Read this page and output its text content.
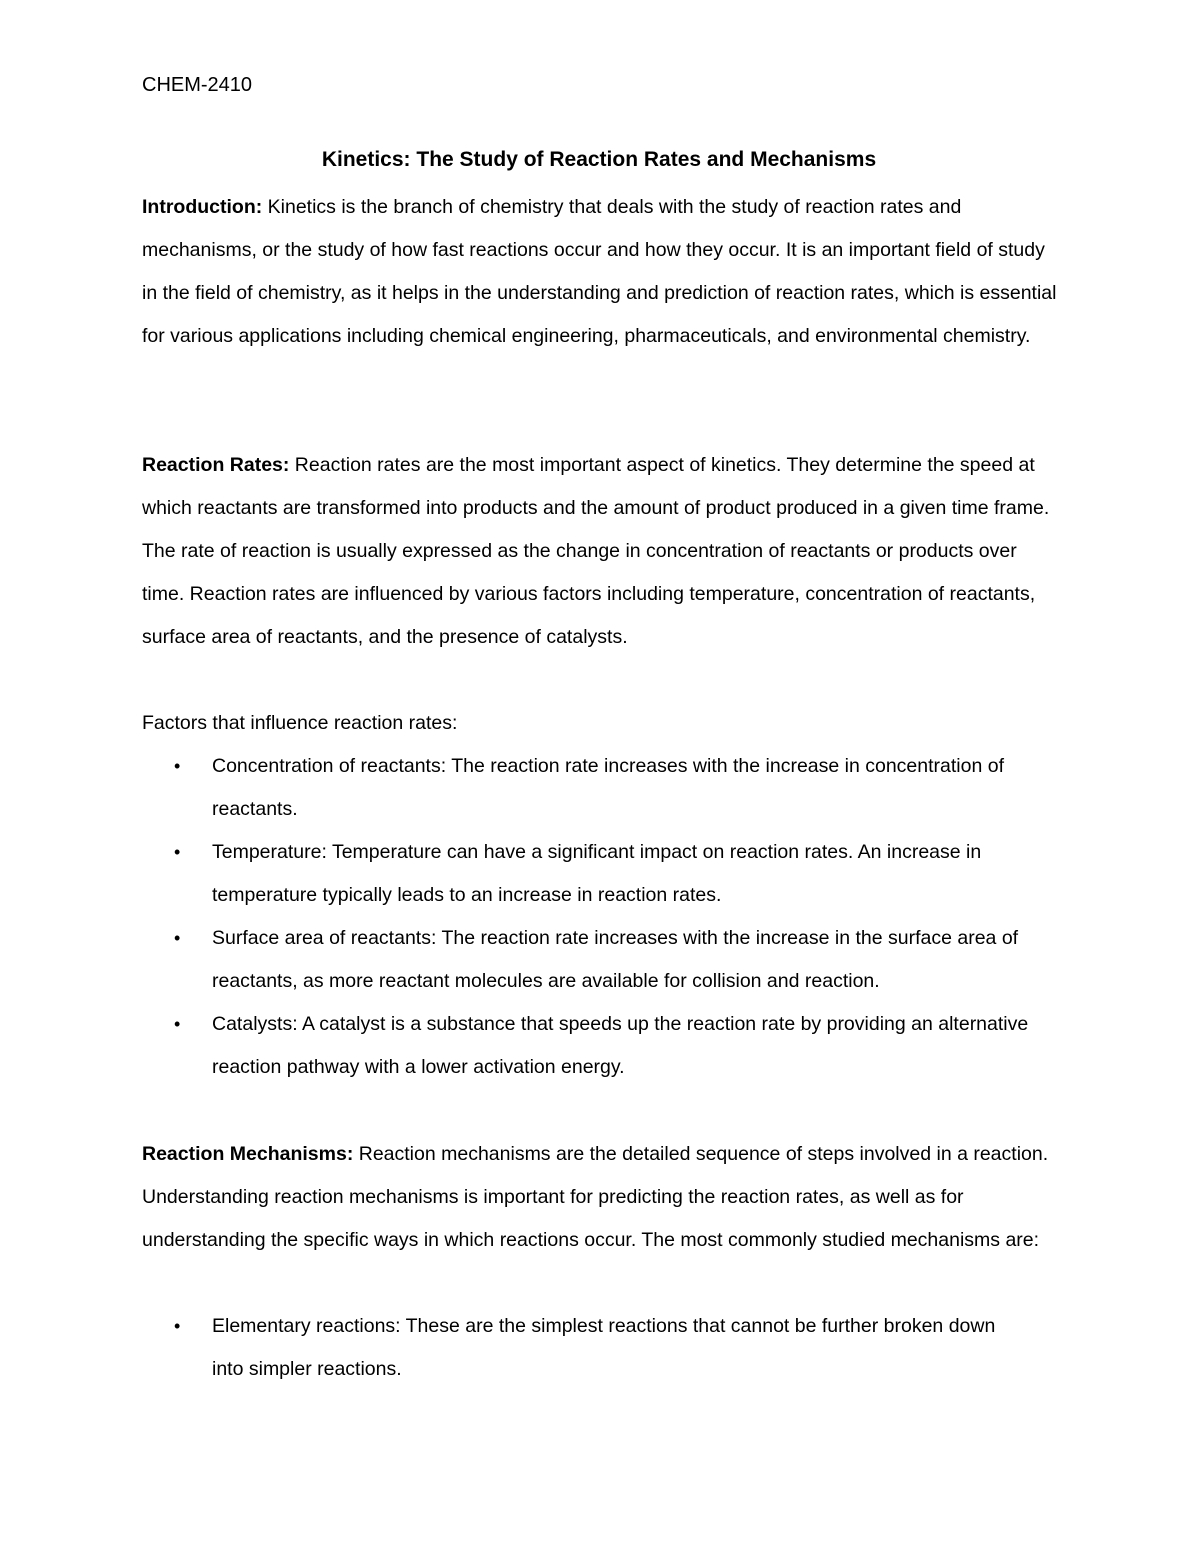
CHEM-2410
Kinetics: The Study of Reaction Rates and Mechanisms

Introduction: Kinetics is the branch of chemistry that deals with the study of reaction rates and mechanisms, or the study of how fast reactions occur and how they occur. It is an important field of study in the field of chemistry, as it helps in the understanding and prediction of reaction rates, which is essential for various applications including chemical engineering, pharmaceuticals, and environmental chemistry.

Reaction Rates: Reaction rates are the most important aspect of kinetics. They determine the speed at which reactants are transformed into products and the amount of product produced in a given time frame. The rate of reaction is usually expressed as the change in concentration of reactants or products over time. Reaction rates are influenced by various factors including temperature, concentration of reactants, surface area of reactants, and the presence of catalysts.

Factors that influence reaction rates:

• Concentration of reactants: The reaction rate increases with the increase in concentration of reactants.
• Temperature: Temperature can have a significant impact on reaction rates. An increase in temperature typically leads to an increase in reaction rates.
• Surface area of reactants: The reaction rate increases with the increase in the surface area of reactants, as more reactant molecules are available for collision and reaction.
• Catalysts: A catalyst is a substance that speeds up the reaction rate by providing an alternative reaction pathway with a lower activation energy.

Reaction Mechanisms: Reaction mechanisms are the detailed sequence of steps involved in a reaction. Understanding reaction mechanisms is important for predicting the reaction rates, as well as for understanding the specific ways in which reactions occur. The most commonly studied mechanisms are:

• Elementary reactions: These are the simplest reactions that cannot be further broken down into simpler reactions.
